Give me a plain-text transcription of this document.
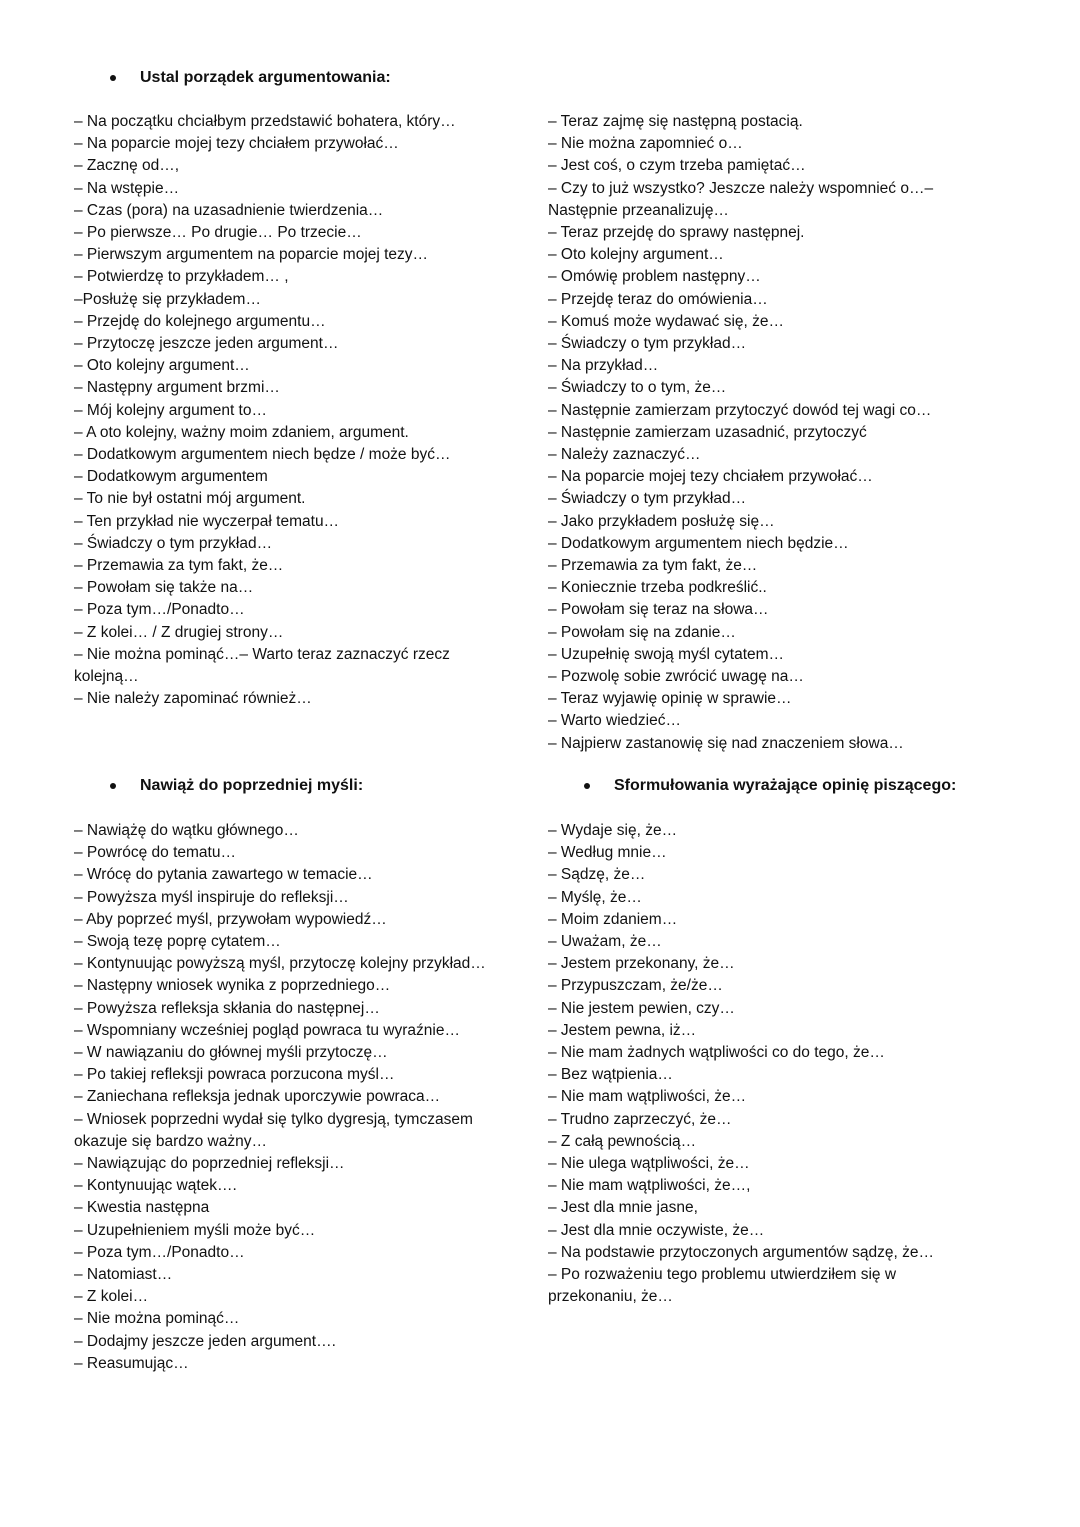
Ustal porządek argumentowania:
– Na początku chciałbym przedstawić bohatera, który…
– Na poparcie mojej tezy chciałem przywołać…
– Zacznę od…,
– Na wstępie…
– Czas (pora) na uzasadnienie twierdzenia…
– Po pierwsze… Po drugie… Po trzecie…
– Pierwszym argumentem na poparcie mojej tezy…
– Potwierdzę to przykładem… ,
–Posłużę się przykładem…
– Przejdę do kolejnego argumentu…
– Przytoczę jeszcze jeden argument…
– Oto kolejny argument…
– Następny argument brzmi…
– Mój kolejny argument to…
– A oto kolejny, ważny moim zdaniem, argument.
– Dodatkowym argumentem niech będze / może być…
– Dodatkowym argumentem
– To nie był ostatni mój argument.
– Ten przykład nie wyczerpał tematu…
– Świadczy o tym przykład…
– Przemawia za tym fakt, że…
– Powołam się także na…
– Poza tym…/Ponadto…
– Z kolei… / Z drugiej strony…
– Nie można pominąć…– Warto teraz zaznaczyć rzecz
kolejną…
– Nie należy zapominać również…
– Teraz zajmę się następną postacią.
– Nie można zapomnieć o…
– Jest coś, o czym trzeba pamiętać…
– Czy to już wszystko? Jeszcze należy wspomnieć o…–
Następnie przeanalizuję…
– Teraz przejdę do sprawy następnej.
– Oto kolejny argument…
– Omówię problem następny…
– Przejdę teraz do omówienia…
– Komuś może wydawać się, że…
– Świadczy o tym przykład…
– Na przykład…
– Świadczy to o tym, że…
– Następnie zamierzam przytoczyć dowód tej wagi co…
– Następnie zamierzam uzasadnić, przytoczyć
– Należy zaznaczyć…
– Na poparcie mojej tezy chciałem przywołać…
– Świadczy o tym przykład…
– Jako przykładem posłużę się…
– Dodatkowym argumentem niech będzie…
– Przemawia za tym fakt, że…
– Koniecznie trzeba podkreślić..
– Powołam się teraz na słowa…
– Powołam się na zdanie…
– Uzupełnię swoją myśl cytatem…
– Pozwolę sobie zwrócić uwagę na…
– Teraz wyjawię opinię w sprawie…
– Warto wiedzieć…
– Najpierw zastanowię się nad znaczeniem słowa…
Nawiąż do poprzedniej myśli:
– Nawiążę do wątku głównego…
– Powrócę do tematu…
– Wrócę do pytania zawartego w temacie…
– Powyższa myśl inspiruje do refleksji…
– Aby poprzeć myśl, przywołam wypowiedź…
– Swoją tezę poprę cytatem…
– Kontynuując powyższą myśl, przytoczę kolejny przykład…
– Następny wniosek wynika z poprzedniego…
– Powyższa refleksja skłania do następnej…
– Wspomniany wcześniej pogląd powraca tu wyraźnie…
– W nawiązaniu do głównej myśli przytoczę…
– Po takiej refleksji powraca porzucona myśl…
– Zaniechana refleksja jednak uporczywie powraca…
– Wniosek poprzedni wydał się tylko dygresją, tymczasem
okazuje się bardzo ważny…
– Nawiązując do poprzedniej refleksji…
– Kontynuując wątek….
– Kwestia następna
– Uzupełnieniem myśli może być…
– Poza tym…/Ponadto…
– Natomiast…
– Z kolei…
– Nie można pominąć…
– Dodajmy jeszcze jeden argument….
– Reasumując…
Sformułowania wyrażające opinię piszącego:
– Wydaje się, że…
– Według mnie…
– Sądzę, że…
– Myślę, że…
– Moim zdaniem…
– Uważam, że…
– Jestem przekonany, że…
– Przypuszczam, że/że…
– Nie jestem pewien, czy…
– Jestem pewna, iż…
– Nie mam żadnych wątpliwości co do tego, że…
– Bez wątpienia…
– Nie mam wątpliwości, że…
– Trudno zaprzeczyć, że…
– Z całą pewnością…
– Nie ulega wątpliwości, że…
– Nie mam wątpliwości, że…,
– Jest dla mnie jasne,
– Jest dla mnie oczywiste, że…
– Na podstawie przytoczonych argumentów sądzę, że…
– Po rozważeniu tego problemu utwierdziłem się w
przekonaniu, że…
